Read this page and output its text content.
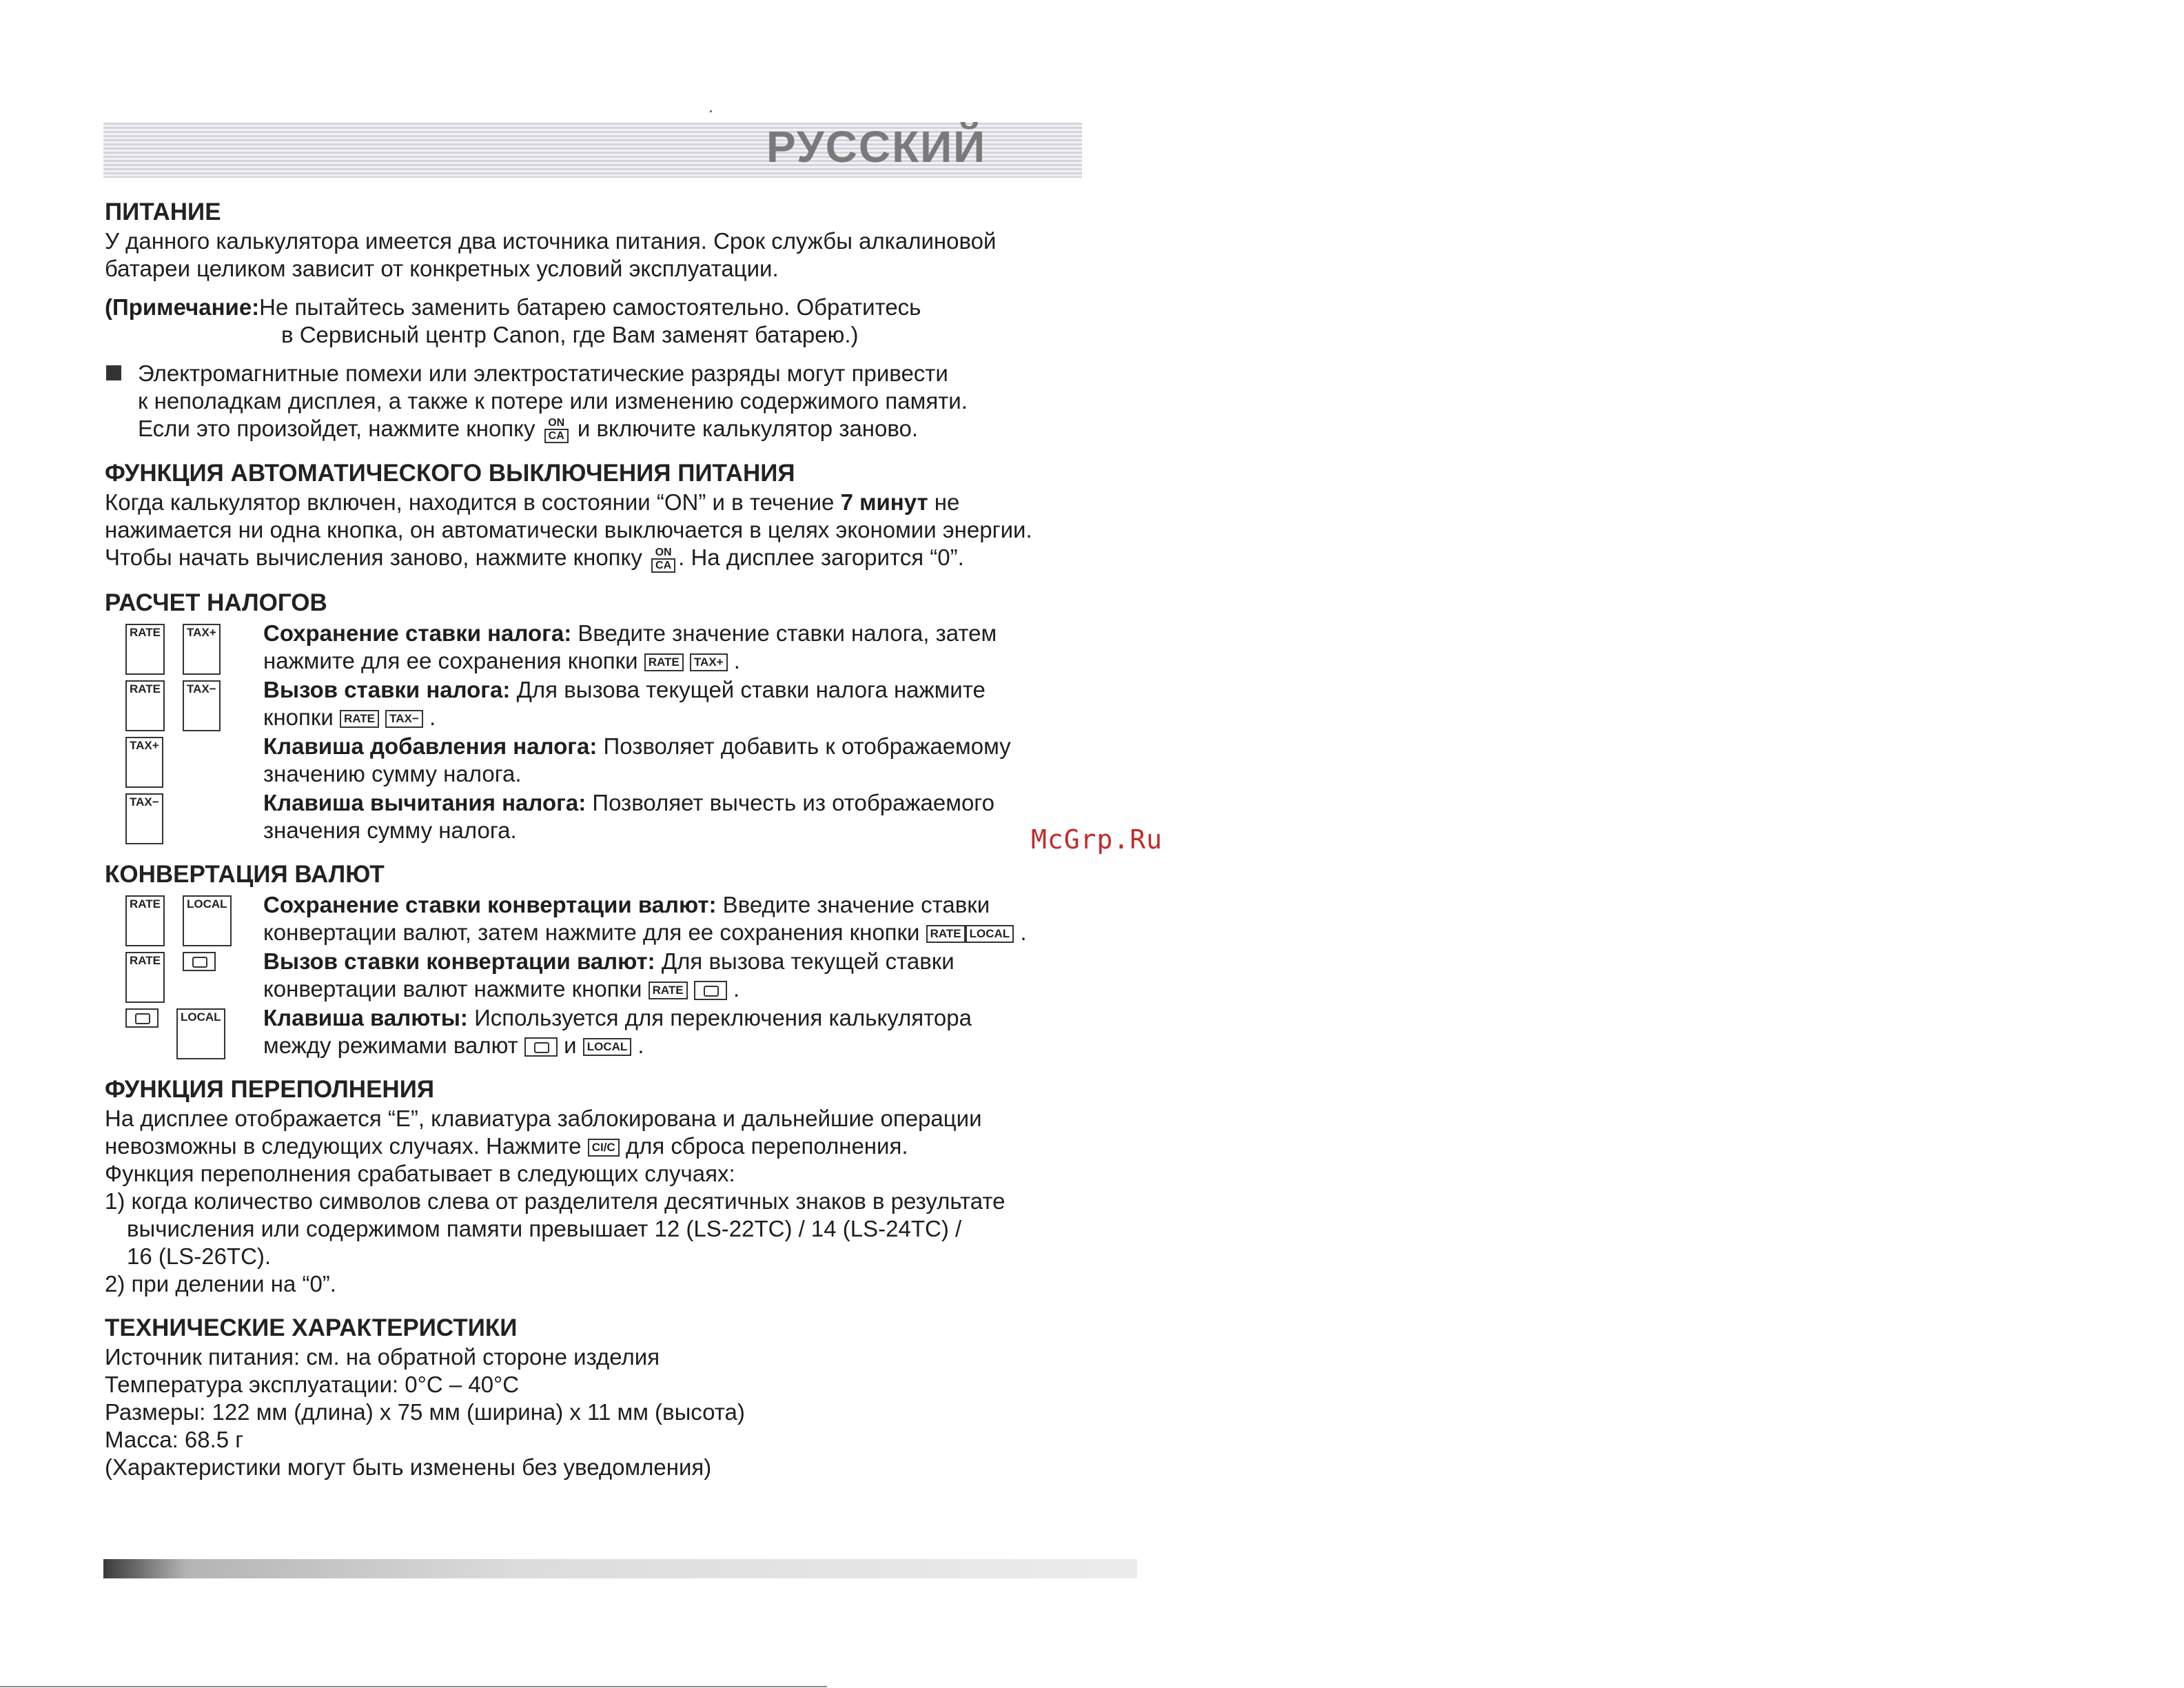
РУССКИЙ
ПИТАНИЕ

У данного калькулятора имеется два источника питания. Срок службы алкалиновой

батареи целиком зависит от конкретных условий эксплуатации.

(Примечание: Не пытайтесь заменить батарею самостоятельно. Обратитесь

в Сервисный центр Canon, где Вам заменят батарею.)

Электромагнитные помехи или электростатические разряды могут привести

к неполадкам дисплея, а также к потере или изменению содержимого памяти.

Если это произойдет, нажмите кнопку $\frac{ON}{CA}$ и включите калькулятор заново.

ФУНКЦИЯ АВТОМАТИЧЕСКОГО ВЫКЛЮЧЕНИЯ ПИТАНИЯ

Когда калькулятор включен, находится в состоянии “ON” и в течение 7 минут не

нажимается ни одна кнопка, он автоматически выключается в целях экономии энергии.

Чтобы начать вычисления заново, нажмите кнопку $\frac{ON}{CA}$ . На дисплее загорится “0”.

РАСЧЕТ НАЛОГОВ
RATE	TAX+ Сохранение ставки налога: Введите значение ставки налога, затем

нажмите для ее сохранения кнопки RATE TAX+ .

RATE	TAX− Вызов ставки налога: Для вызова текущей ставки налога нажмите

кнопки RATE TAX− .

TAX+	Клавиша добавления налога: Позволяет добавить к отображаемому

значению сумму налога.

TAX−	Клавиша вычитания налога: Позволяет вычесть из отображаемого

значения сумму налога.

КОНВЕРТАЦИЯ ВАЛЮТ
RATE	LOCAL Сохранение ставки конвертации валют: Введите значение ставки

конвертации валют, затем нажмите для ее сохранения кнопки RATE LOCAL .

RATE	Вызов ставки конвертации валют: Для вызова текущей ставки

конвертации валют нажмите кнопки RATE  .

LOCAL Клавиша валюты: Используется для переключения калькулятора

между режимами валют  и LOCAL .

ФУНКЦИЯ ПЕРЕПОЛНЕНИЯ

На дисплее отображается “E”, клавиатура заблокирована и дальнейшие операции

невозможны в следующих случаях. Нажмите CI/C для сброса переполнения.

Функция переполнения срабатывает в следующих случаях:

1) когда количество символов слева от разделителя десятичных знаков в результате

вычисления или содержимом памяти превышает 12 (LS-22TC) / 14 (LS-24TC) /

16 (LS-26TC).

2) при делении на “0”.

ТЕХНИЧЕСКИЕ ХАРАКТЕРИСТИКИ

Источник питания: см. на обратной стороне изделия

Температура эксплуатации: 0°C – 40°C

Размеры: 122 мм (длина) x 75 мм (ширина) x 11 мм (высота)

Масса: 68.5 г

(Характеристики могут быть изменены без уведомления)

McGrp.Ru
